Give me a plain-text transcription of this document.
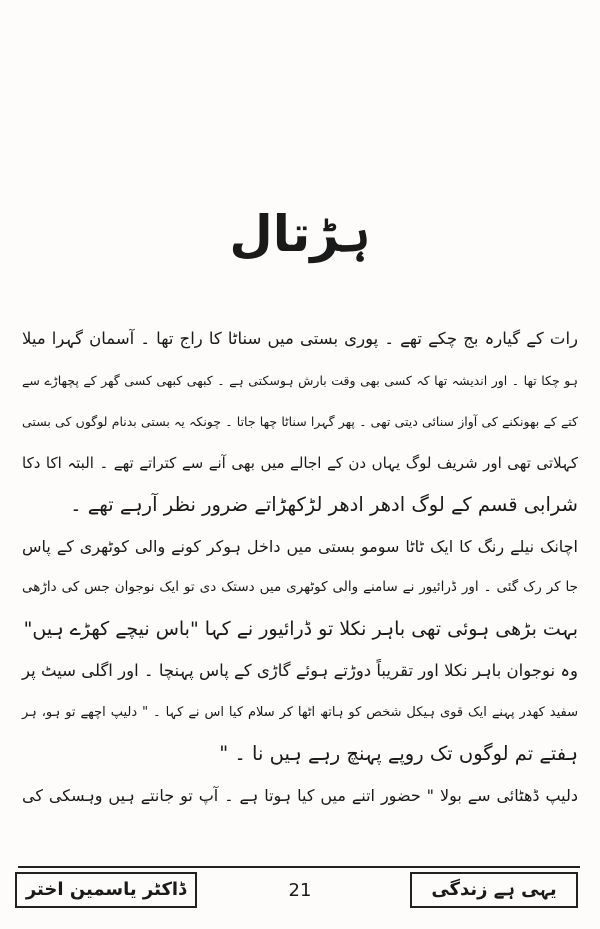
ہڑتال

رات کے گیارہ بج چکے تھے ۔ پوری بستی میں سناٹا کا راج تھا ۔ آسمان گہرا میلا
ہو چکا تھا ۔ اور اندیشہ تھا کہ کسی بھی وقت بارش ہوسکتی ہے ۔ کبھی کبھی کسی گھر کے پچھاڑے سے
کتے کے بھونکنے کی آواز سنائی دیتی تھی ۔ پھر گہرا سناٹا چھا جاتا ۔ چونکہ یہ بستی بدنام لوگوں کی بستی
کہلاتی تھی اور شریف لوگ یہاں دن کے اجالے میں بھی آنے سے کتراتے تھے ۔ البتہ اکا دکا
شرابی قسم کے لوگ ادھر ادھر لڑکھڑاتے ضرور نظر آرہے تھے ۔

اچانک نیلے رنگ کا ایک ٹاٹا سومو بستی میں داخل ہوکر کونے والی کوٹھری کے پاس
جا کر رک گئی ۔ اور ڈرائیور نے سامنے والی کوٹھری میں دستک دی تو ایک نوجوان جس کی داڑھی
بہت بڑھی ہوئی تھی باہر نکلا تو ڈرائیور نے کہا "باس نیچے کھڑے ہیں"

وہ نوجوان باہر نکلا اور تقریباً دوڑتے ہوئے گاڑی کے پاس پہنچا ۔ اور اگلی سیٹ پر
سفید کھدر پہنے ایک قوی ہیکل شخص کو ہاتھ اٹھا کر سلام کیا اس نے کہا ۔ " دلیپ اچھے تو ہو، ہر
ہفتے تم لوگوں تک روپے پہنچ رہے ہیں نا ۔ "

دلیپ ڈھٹائی سے بولا " حضور اتنے میں کیا ہوتا ہے ۔ آپ تو جانتے ہیں وہسکی کی

ڈاکٹر یاسمین اختر	21	یہی ہے زندگی
